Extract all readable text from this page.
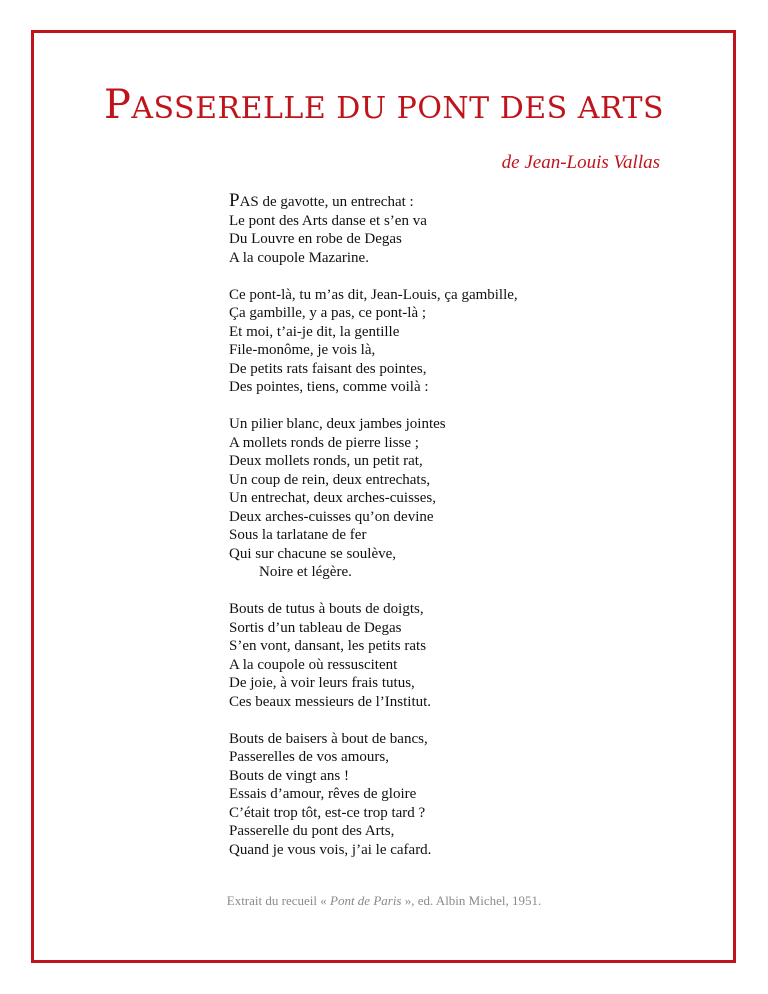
PASSERELLE DU PONT DES ARTS

de Jean-Louis Vallas

PAS de gavotte, un entrechat :
Le pont des Arts danse et s’en va
Du Louvre en robe de Degas
A la coupole Mazarine.
Ce pont-là, tu m’as dit, Jean-Louis, ça gambille,
Ça gambille, y a pas, ce pont-là ;
Et moi, t’ai-je dit, la gentille
File-monôme, je vois là,
De petits rats faisant des pointes,
Des pointes, tiens, comme voilà :
Un pilier blanc, deux jambes jointes
A mollets ronds de pierre lisse ;
Deux mollets ronds, un petit rat,
Un coup de rein, deux entrechats,
Un entrechat, deux arches-cuisses,
Deux arches-cuisses qu’on devine
Sous la tarlatane de fer
Qui sur chacune se soulève,
Noire et légère.
Bouts de tutus à bouts de doigts,
Sortis d’un tableau de Degas
S’en vont, dansant, les petits rats
A la coupole où ressuscitent
De joie, à voir leurs frais tutus,
Ces beaux messieurs de l’Institut.
Bouts de baisers à bout de bancs,
Passerelles de vos amours,
Bouts de vingt ans !
Essais d’amour, rêves de gloire
C’était trop tôt, est-ce trop tard ?
Passerelle du pont des Arts,
Quand je vous vois, j’ai le cafard.
Extrait du recueil « Pont de Paris », ed. Albin Michel, 1951.
